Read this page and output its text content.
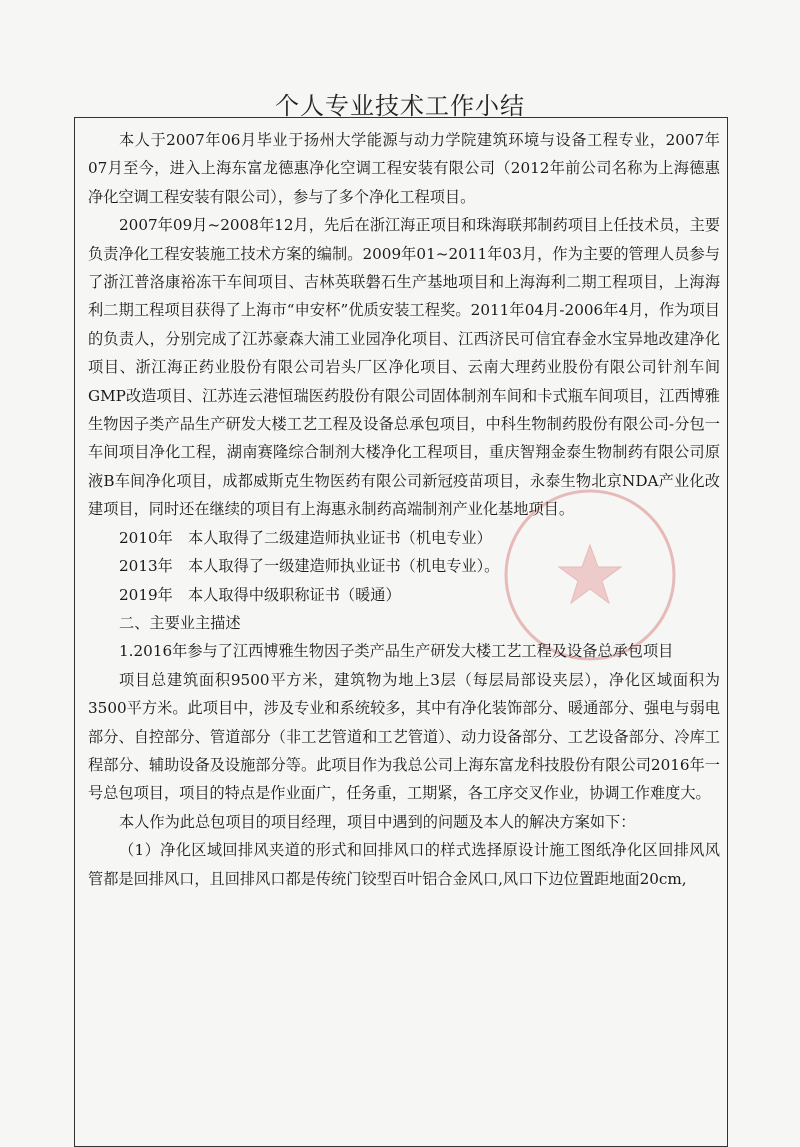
个人专业技术工作小结

本人于2007年06月毕业于扬州大学能源与动力学院建筑环境与设备工程专业，2007年07月至今，进入上海东富龙德惠净化空调工程安装有限公司（2012年前公司名称为上海德惠净化空调工程安装有限公司），参与了多个净化工程项目。

2007年09月~2008年12月，先后在浙江海正项目和珠海联邦制药项目上任技术员，主要负责净化工程安装施工技术方案的编制。2009年01~2011年03月，作为主要的管理人员参与了浙江普洛康裕冻干车间项目、吉林英联磐石生产基地项目和上海海利二期工程项目，上海海利二期工程项目获得了上海市“申安杯”优质安装工程奖。2011年04月-2006年4月，作为项目的负责人，分别完成了江苏豪森大浦工业园净化项目、江西济民可信宜春金水宝异地改建净化项目、浙江海正药业股份有限公司岩头厂区净化项目、云南大理药业股份有限公司针剂车间GMP改造项目、江苏连云港恒瑞医药股份有限公司固体制剂车间和卡式瓶车间项目，江西博雅生物因子类产品生产研发大楼工艺工程及设备总承包项目，中科生物制药股份有限公司-分包一车间项目净化工程，湖南赛隆综合制剂大楼净化工程项目，重庆智翔金泰生物制药有限公司原液B车间净化项目，成都威斯克生物医药有限公司新冠疫苗项目，永泰生物北京NDA产业化改建项目，同时还在继续的项目有上海惠永制药高端制剂产业化基地项目。

2010年　本人取得了二级建造师执业证书（机电专业）

2013年　本人取得了一级建造师执业证书（机电专业）。

2019年　本人取得中级职称证书（暖通）

二、主要业主描述

1.2016年参与了江西博雅生物因子类产品生产研发大楼工艺工程及设备总承包项目

项目总建筑面积9500平方米，建筑物为地上3层（每层局部设夹层），净化区域面积为3500平方米。此项目中，涉及专业和系统较多，其中有净化装饰部分、暖通部分、强电与弱电部分、自控部分、管道部分（非工艺管道和工艺管道）、动力设备部分、工艺设备部分、冷库工程部分、辅助设备及设施部分等。此项目作为我总公司上海东富龙科技股份有限公司2016年一号总包项目，项目的特点是作业面广，任务重，工期紧，各工序交叉作业，协调工作难度大。

本人作为此总包项目的项目经理，项目中遇到的问题及本人的解决方案如下：

（1）净化区域回排风夹道的形式和回排风口的样式选择原设计施工图纸净化区回排风风管都是回排风口，且回排风口都是传统门铰型百叶铝合金风口,风口下边位置距地面20cm,
